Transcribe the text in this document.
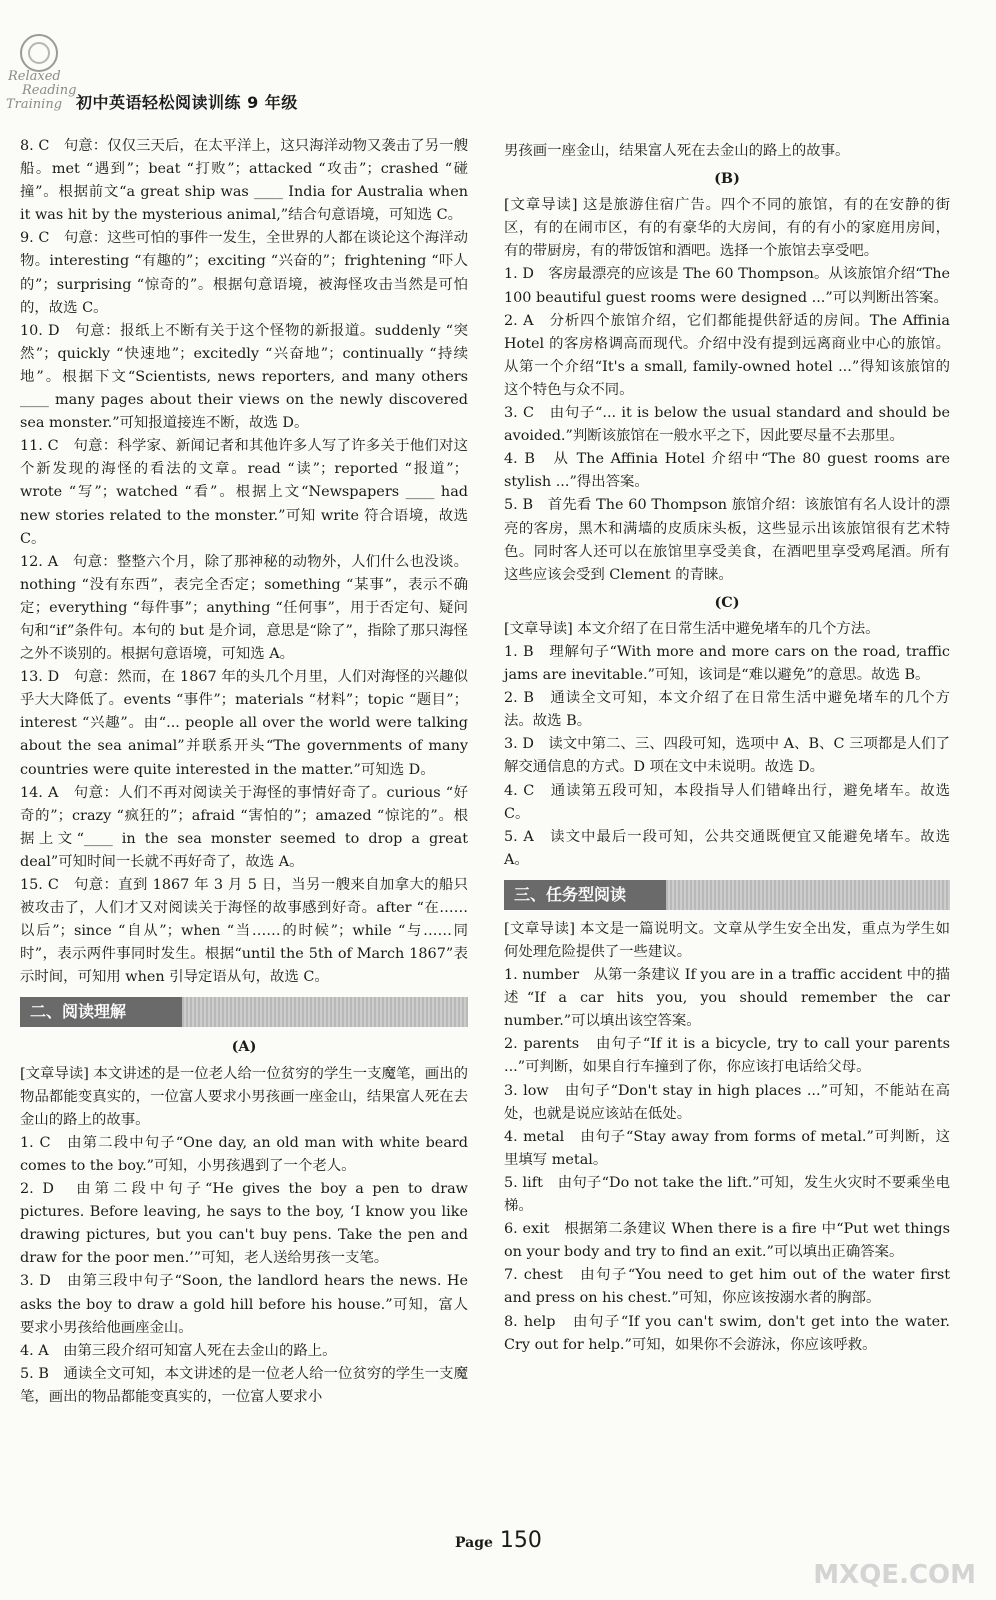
Relaxed
Reading
Training 初中英语轻松阅读训练 9 年级

8. C　句意：仅仅三天后，在太平洋上，这只海洋动物又袭击了另一艘船。met “遇到”；beat “打败”；attacked “攻击”；crashed “碰撞”。根据前文“a great ship was ____ India for Australia when it was hit by the mysterious animal,”结合句意语境，可知选 C。

9. C　句意：这些可怕的事件一发生，全世界的人都在谈论这个海洋动物。interesting “有趣的”；exciting “兴奋的”；frightening “吓人的”；surprising “惊奇的”。根据句意语境，被海怪攻击当然是可怕的，故选 C。

10. D　句意：报纸上不断有关于这个怪物的新报道。suddenly “突然”；quickly “快速地”；excitedly “兴奋地”；continually “持续地”。根据下文“Scientists, news reporters, and many others ____ many pages about their views on the newly discovered sea monster.”可知报道接连不断，故选 D。

11. C　句意：科学家、新闻记者和其他许多人写了许多关于他们对这个新发现的海怪的看法的文章。read “读”；reported “报道”；wrote “写”；watched “看”。根据上文“Newspapers ____ had new stories related to the monster.”可知 write 符合语境，故选 C。

12. A　句意：整整六个月，除了那神秘的动物外，人们什么也没谈。nothing “没有东西”，表完全否定；something “某事”，表示不确定；everything “每件事”；anything “任何事”，用于否定句、疑问句和“if”条件句。本句的 but 是介词，意思是“除了”，指除了那只海怪之外不谈别的。根据句意语境，可知选 A。

13. D　句意：然而，在 1867 年的头几个月里，人们对海怪的兴趣似乎大大降低了。events “事件”；materials “材料”；topic “题目”；interest “兴趣”。由“... people all over the world were talking about the sea animal”并联系开头“The governments of many countries were quite interested in the matter.”可知选 D。

14. A　句意：人们不再对阅读关于海怪的事情好奇了。curious “好奇的”；crazy “疯狂的”；afraid “害怕的”；amazed “惊诧的”。根据上文“____ in the sea monster seemed to drop a great deal”可知时间一长就不再好奇了，故选 A。

15. C　句意：直到 1867 年 3 月 5 日，当另一艘来自加拿大的船只被攻击了，人们才又对阅读关于海怪的故事感到好奇。after “在……以后”；since “自从”；when “当……的时候”；while “与……同时”，表示两件事同时发生。根据“until the 5th of March 1867”表示时间，可知用 when 引导定语从句，故选 C。

二、阅读理解
(A)

[文章导读] 本文讲述的是一位老人给一位贫穷的学生一支魔笔，画出的物品都能变真实的，一位富人要求小男孩画一座金山，结果富人死在去金山的路上的故事。

1. C　由第二段中句子“One day, an old man with white beard comes to the boy.”可知，小男孩遇到了一个老人。

2. D　由第二段中句子“He gives the boy a pen to draw pictures. Before leaving, he says to the boy, ‘I know you like drawing pictures, but you can't buy pens. Take the pen and draw for the poor men.’”可知，老人送给男孩一支笔。

3. D　由第三段中句子“Soon, the landlord hears the news. He asks the boy to draw a gold hill before his house.”可知，富人要求小男孩给他画座金山。

4. A　由第三段介绍可知富人死在去金山的路上。

5. B　通读全文可知，本文讲述的是一位老人给一位贫穷的学生一支魔笔，画出的物品都能变真实的，一位富人要求小

男孩画一座金山，结果富人死在去金山的路上的故事。

(B)

[文章导读] 这是旅游住宿广告。四个不同的旅馆，有的在安静的街区，有的在闹市区，有的有豪华的大房间，有的有小的家庭用房间，有的带厨房，有的带饭馆和酒吧。选择一个旅馆去享受吧。

1. D　客房最漂亮的应该是 The 60 Thompson。从该旅馆介绍“The 100 beautiful guest rooms were designed ...”可以判断出答案。

2. A　分析四个旅馆介绍，它们都能提供舒适的房间。The Affinia Hotel 的客房格调高而现代。介绍中没有提到远离商业中心的旅馆。从第一个介绍“It's a small, family-owned hotel ...”得知该旅馆的这个特色与众不同。

3. C　由句子“... it is below the usual standard and should be avoided.”判断该旅馆在一般水平之下，因此要尽量不去那里。

4. B　从 The Affinia Hotel 介绍中“The 80 guest rooms are stylish ...”得出答案。

5. B　首先看 The 60 Thompson 旅馆介绍：该旅馆有名人设计的漂亮的客房，黑木和满墙的皮质床头板，这些显示出该旅馆很有艺术特色。同时客人还可以在旅馆里享受美食，在酒吧里享受鸡尾酒。所有这些应该会受到 Clement 的青睐。

(C)

[文章导读] 本文介绍了在日常生活中避免堵车的几个方法。

1. B　理解句子“With more and more cars on the road, traffic jams are inevitable.”可知，该词是“难以避免”的意思。故选 B。

2. B　通读全文可知，本文介绍了在日常生活中避免堵车的几个方法。故选 B。

3. D　读文中第二、三、四段可知，选项中 A、B、C 三项都是人们了解交通信息的方式。D 项在文中未说明。故选 D。

4. C　通读第五段可知，本段指导人们错峰出行，避免堵车。故选 C。

5. A　读文中最后一段可知，公共交通既便宜又能避免堵车。故选 A。

三、任务型阅读

[文章导读] 本文是一篇说明文。文章从学生安全出发，重点为学生如何处理危险提供了一些建议。

1. number　从第一条建议 If you are in a traffic accident 中的描述“If a car hits you, you should remember the car number.”可以填出该空答案。

2. parents　由句子“If it is a bicycle, try to call your parents ...”可判断，如果自行车撞到了你，你应该打电话给父母。

3. low　由句子“Don't stay in high places ...”可知，不能站在高处，也就是说应该站在低处。

4. metal　由句子“Stay away from forms of metal.”可判断，这里填写 metal。

5. lift　由句子“Do not take the lift.”可知，发生火灾时不要乘坐电梯。

6. exit　根据第二条建议 When there is a fire 中“Put wet things on your body and try to find an exit.”可以填出正确答案。

7. chest　由句子“You need to get him out of the water first and press on his chest.”可知，你应该按溺水者的胸部。

8. help　由句子“If you can't swim, don't get into the water. Cry out for help.”可知，如果你不会游泳，你应该呼救。

Page 150
MXQE.COM
